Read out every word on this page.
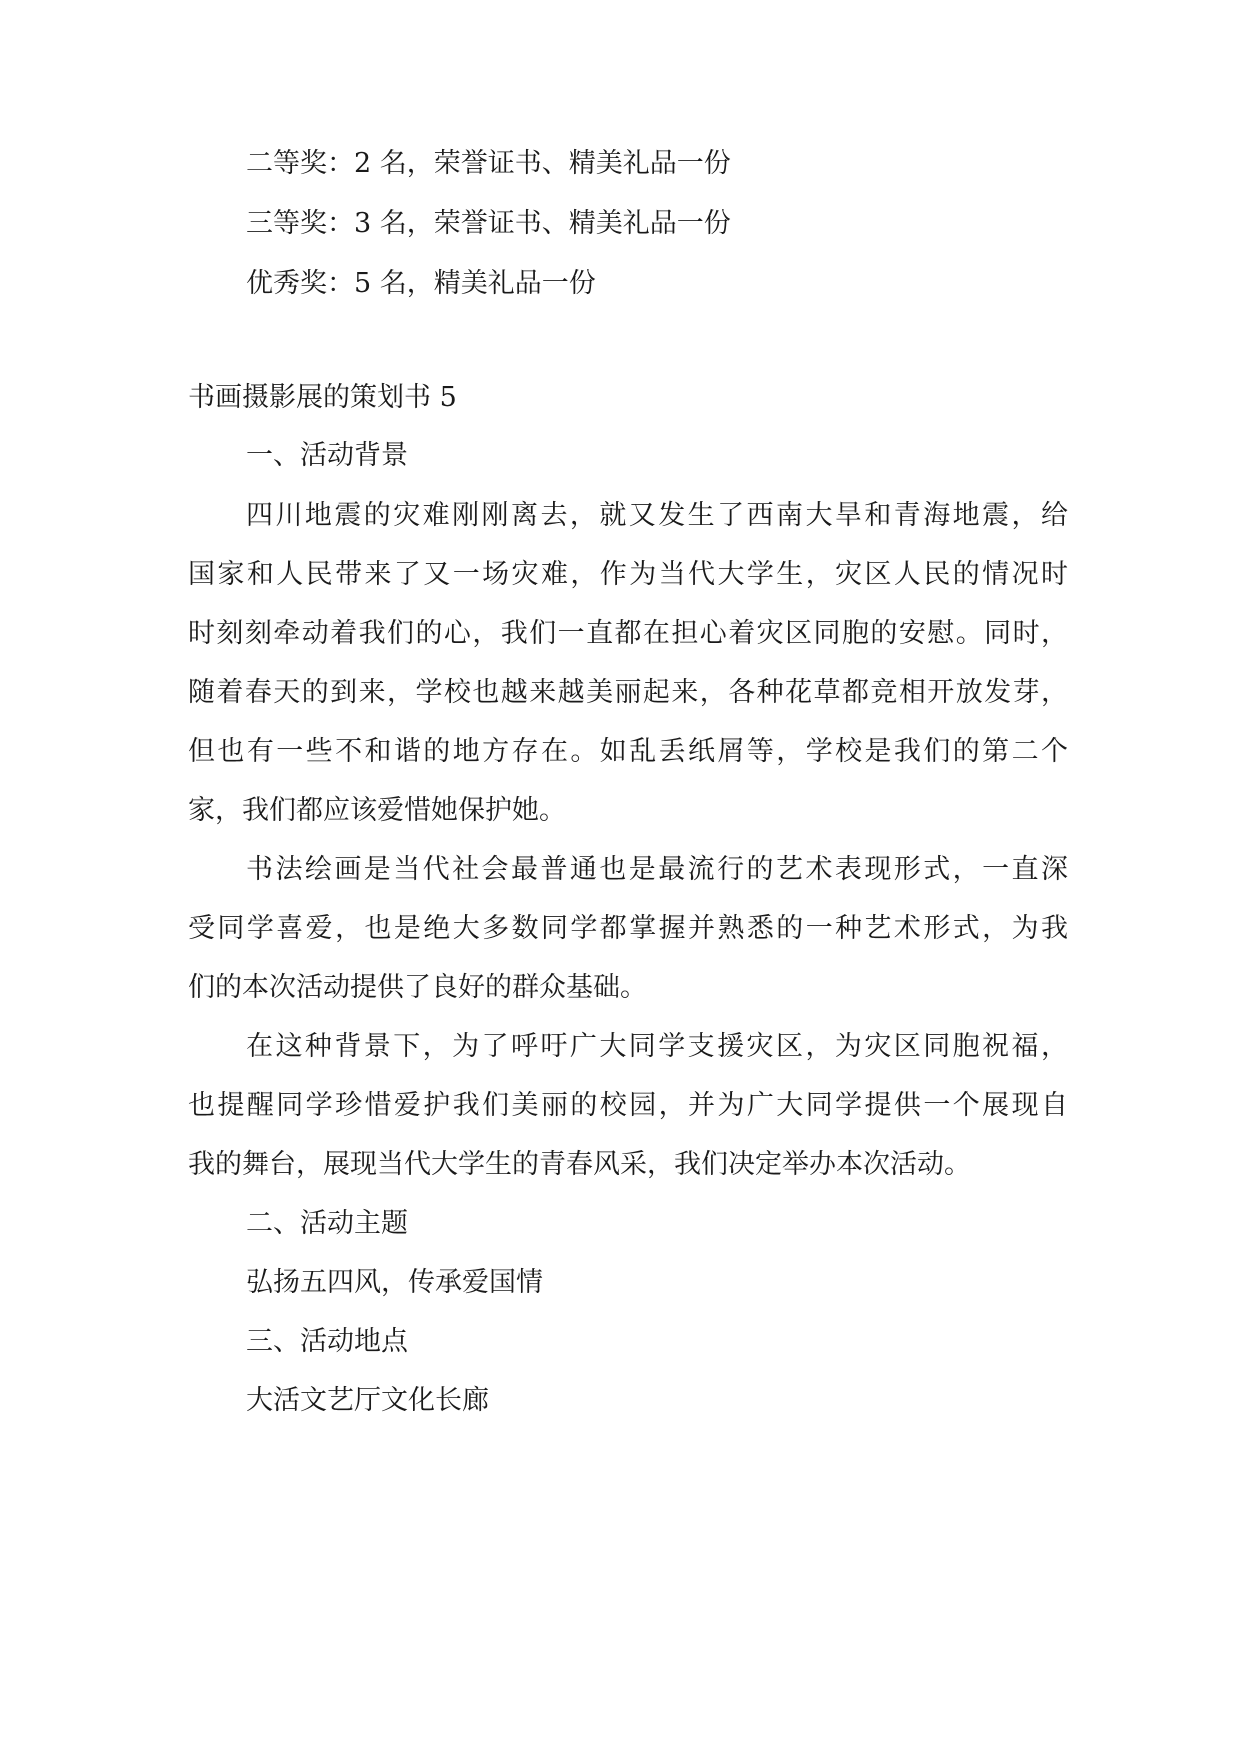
二等奖：2 名，荣誉证书、精美礼品一份
三等奖：3 名，荣誉证书、精美礼品一份
优秀奖：5 名，精美礼品一份
书画摄影展的策划书 5
一、活动背景
四川地震的灾难刚刚离去，就又发生了西南大旱和青海地震，给
国家和人民带来了又一场灾难，作为当代大学生，灾区人民的情况时
时刻刻牵动着我们的心，我们一直都在担心着灾区同胞的安慰。同时，
随着春天的到来，学校也越来越美丽起来，各种花草都竞相开放发芽，
但也有一些不和谐的地方存在。如乱丢纸屑等，学校是我们的第二个
家，我们都应该爱惜她保护她。
书法绘画是当代社会最普通也是最流行的艺术表现形式，一直深
受同学喜爱，也是绝大多数同学都掌握并熟悉的一种艺术形式，为我
们的本次活动提供了良好的群众基础。
在这种背景下，为了呼吁广大同学支援灾区，为灾区同胞祝福，
也提醒同学珍惜爱护我们美丽的校园，并为广大同学提供一个展现自
我的舞台，展现当代大学生的青春风采，我们决定举办本次活动。
二、活动主题
弘扬五四风，传承爱国情
三、活动地点
大活文艺厅文化长廊
